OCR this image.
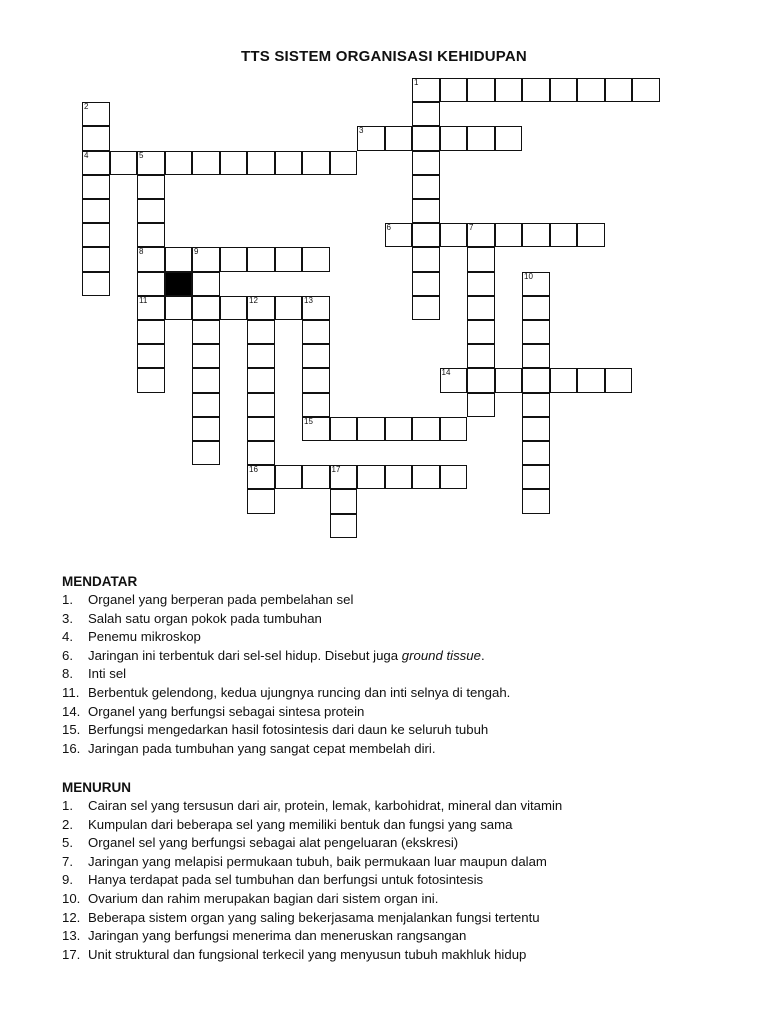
TTS SISTEM ORGANISASI KEHIDUPAN
1
2
3
4	5
6	7
8	9
10
11	12	13
14
15
16	17
MENDATAR
1. Organel yang berperan pada pembelahan sel
3. Salah satu organ pokok pada tumbuhan
4. Penemu mikroskop
6. Jaringan ini terbentuk dari sel-sel hidup. Disebut juga ground tissue.
8. Inti sel
11. Berbentuk gelendong, kedua ujungnya runcing dan inti selnya di tengah.
14. Organel yang berfungsi sebagai sintesa protein
15. Berfungsi mengedarkan hasil fotosintesis dari daun ke seluruh tubuh
16. Jaringan pada tumbuhan yang sangat cepat membelah diri.
MENURUN
1. Cairan sel yang tersusun dari air, protein, lemak, karbohidrat, mineral dan vitamin
2. Kumpulan dari beberapa sel yang memiliki bentuk dan fungsi yang sama
5. Organel sel yang berfungsi sebagai alat pengeluaran (ekskresi)
7. Jaringan yang melapisi permukaan tubuh, baik permukaan luar maupun dalam
9. Hanya terdapat pada sel tumbuhan dan berfungsi untuk fotosintesis
10. Ovarium dan rahim merupakan bagian dari sistem organ ini.
12. Beberapa sistem organ yang saling bekerjasama menjalankan fungsi tertentu
13. Jaringan yang berfungsi menerima dan meneruskan rangsangan
17. Unit struktural dan fungsional terkecil yang menyusun tubuh makhluk hidup
